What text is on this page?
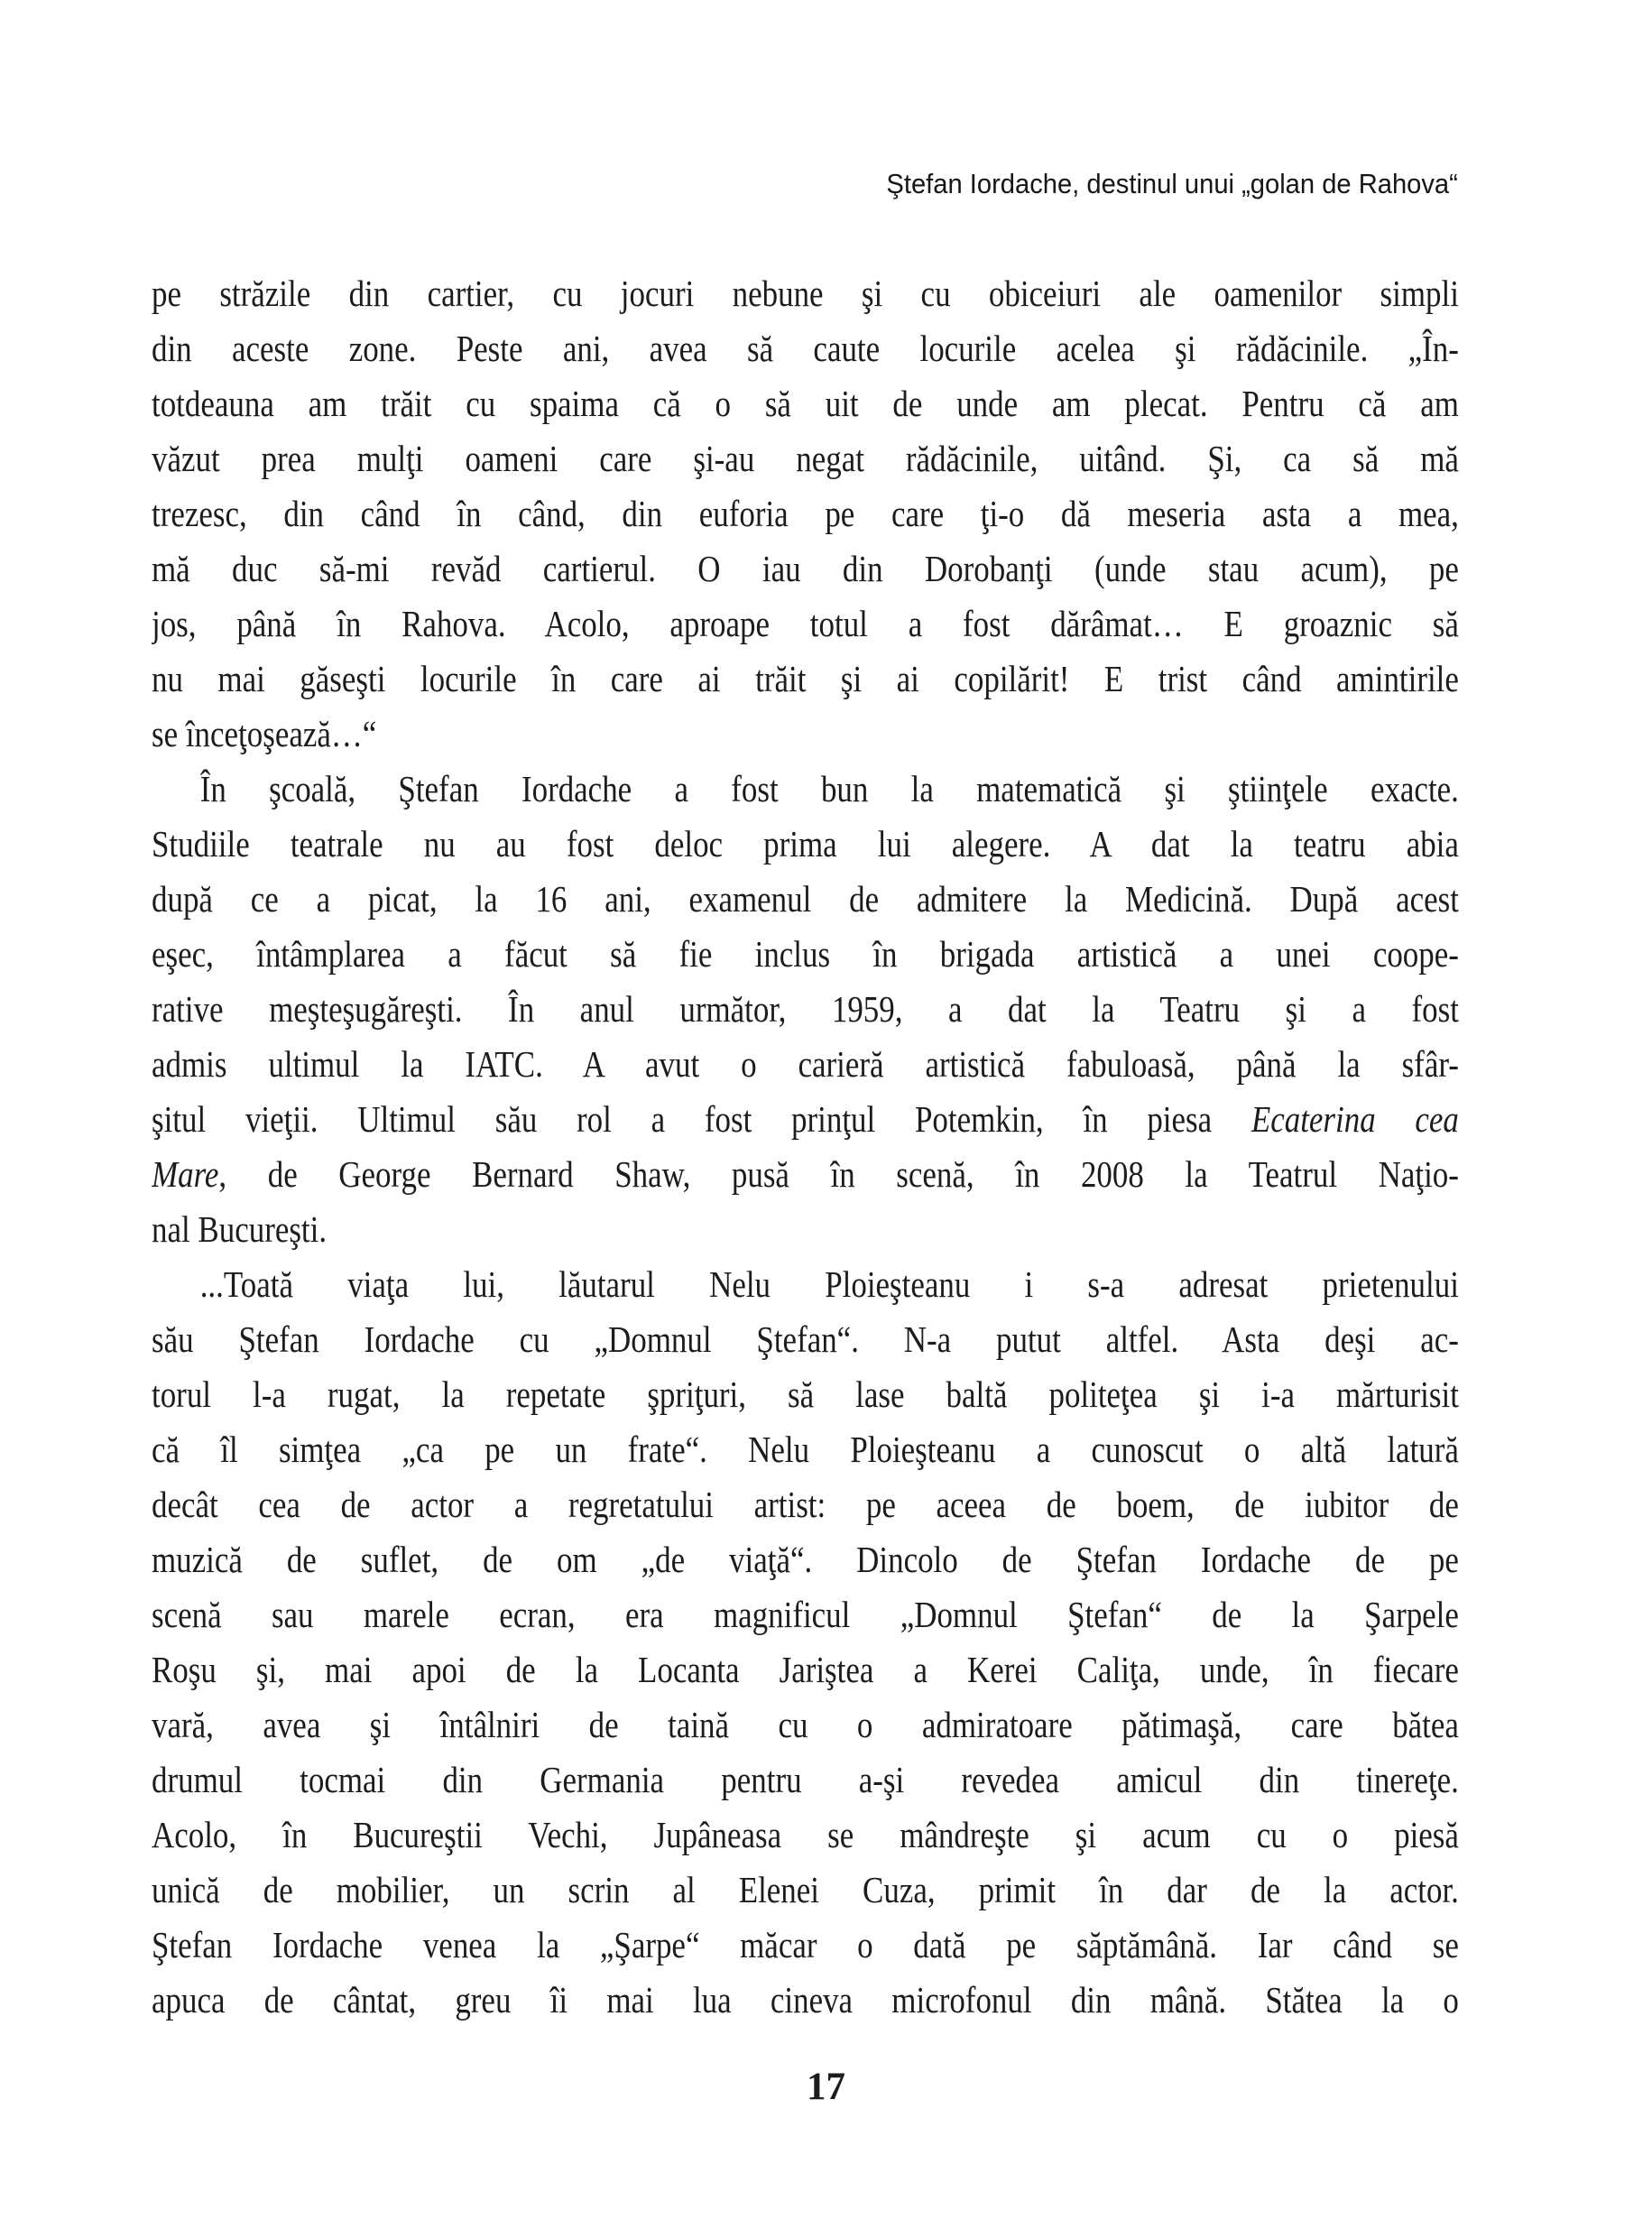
Ştefan Iordache, destinul unui „golan de Rahova“
pe străzile din cartier, cu jocuri nebune şi cu obiceiuri ale oamenilor simpli
din aceste zone. Peste ani, avea să caute locurile acelea şi rădăcinile. „În-
totdeauna am trăit cu spaima că o să uit de unde am plecat. Pentru că am
văzut prea mulţi oameni care şi-au negat rădăcinile, uitând. Şi, ca să mă
trezesc, din când în când, din euforia pe care ţi-o dă meseria asta a mea,
mă duc să-mi revăd cartierul. O iau din Dorobanţi (unde stau acum), pe
jos, până în Rahova. Acolo, aproape totul a fost dărâmat… E groaznic să
nu mai găseşti locurile în care ai trăit şi ai copilărit! E trist când amintirile
se înceţoşează…“
În şcoală, Ştefan Iordache a fost bun la matematică şi ştiinţele exacte.
Studiile teatrale nu au fost deloc prima lui alegere. A dat la teatru abia
după ce a picat, la 16 ani, examenul de admitere la Medicină. După acest
eşec, întâmplarea a făcut să fie inclus în brigada artistică a unei coope-
rative meşteşugăreşti. În anul următor, 1959, a dat la Teatru şi a fost
admis ultimul la IATC. A avut o carieră artistică fabuloasă, până la sfâr-
şitul vieţii. Ultimul său rol a fost prinţul Potemkin, în piesa Ecaterina cea
Mare, de George Bernard Shaw, pusă în scenă, în 2008 la Teatrul Naţio-
nal Bucureşti.
...Toată viaţa lui, lăutarul Nelu Ploieşteanu i s-a adresat prietenului
său Ştefan Iordache cu „Domnul Ştefan“. N-a putut altfel. Asta deşi ac-
torul l-a rugat, la repetate şpriţuri, să lase baltă politeţea şi i-a mărturisit
că îl simţea „ca pe un frate“. Nelu Ploieşteanu a cunoscut o altă latură
decât cea de actor a regretatului artist: pe aceea de boem, de iubitor de
muzică de suflet, de om „de viaţă“. Dincolo de Ştefan Iordache de pe
scenă sau marele ecran, era magnificul „Domnul Ştefan“ de la Şarpele
Roşu şi, mai apoi de la Locanta Jariştea a Kerei Caliţa, unde, în fiecare
vară, avea şi întâlniri de taină cu o admiratoare pătimaşă, care bătea
drumul tocmai din Germania pentru a-şi revedea amicul din tinereţe.
Acolo, în Bucureştii Vechi, Jupâneasa se mândreşte şi acum cu o piesă
unică de mobilier, un scrin al Elenei Cuza, primit în dar de la actor.
Ştefan Iordache venea la „Şarpe“ măcar o dată pe săptămână. Iar când se
apuca de cântat, greu îi mai lua cineva microfonul din mână. Stătea la o
17
